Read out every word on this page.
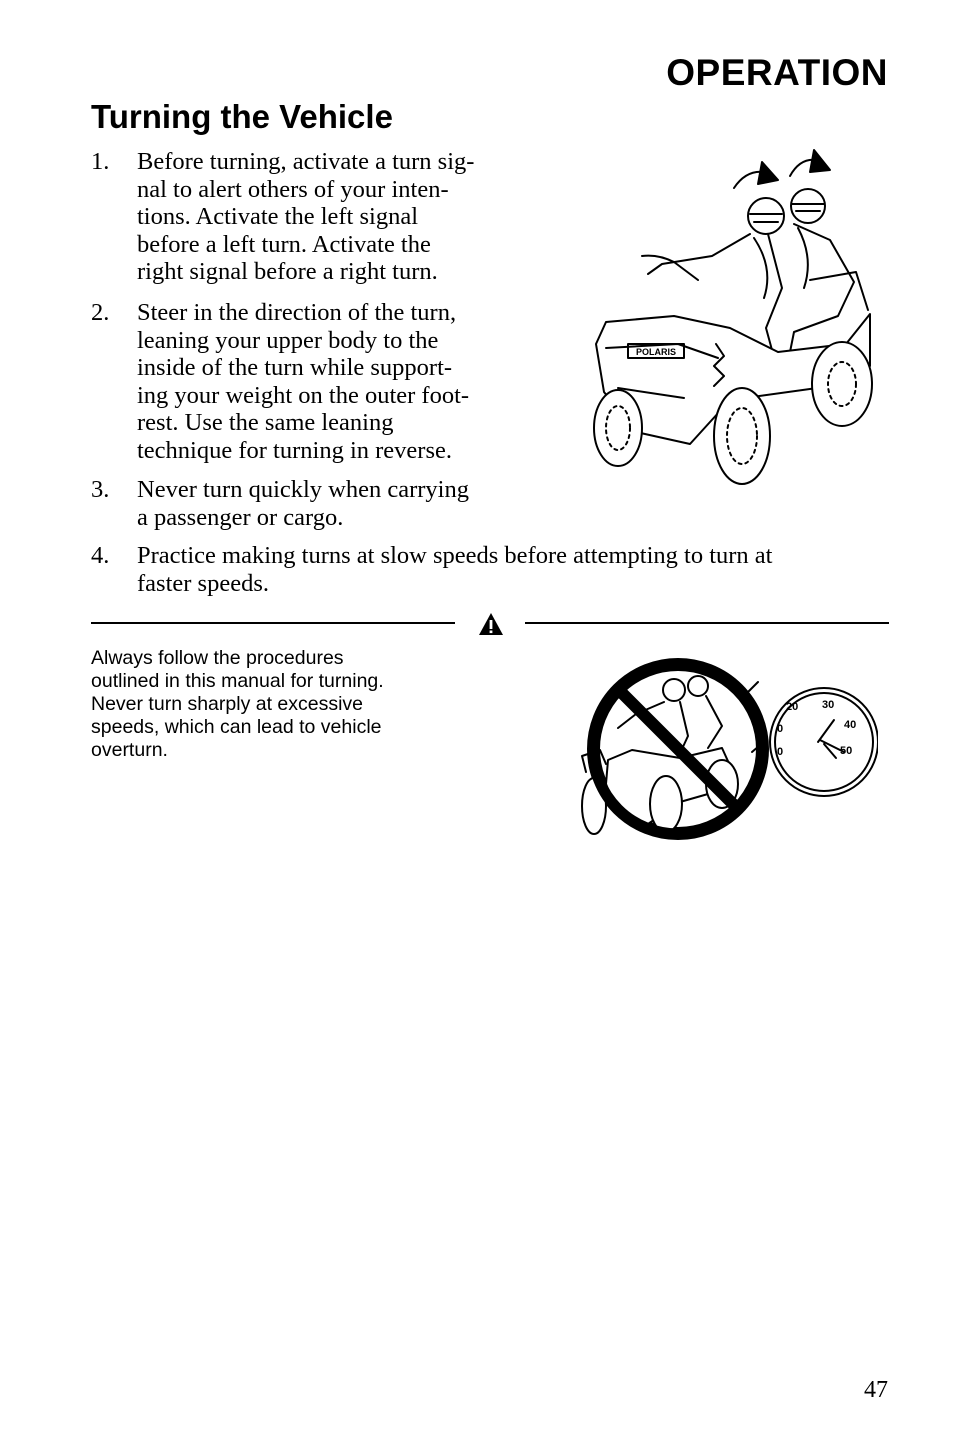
OPERATION
Turning the Vehicle
1. Before turning, activate a turn sig-
nal to alert others of your inten-
tions. Activate the left signal
before a left turn. Activate the
right signal before a right turn.
2. Steer in the direction of the turn,
leaning your upper body to the
inside of the turn while support-
ing your weight on the outer foot-
rest. Use the same leaning
technique for turning in reverse.
3. Never turn quickly when carrying
a passenger or cargo.
4. Practice making turns at slow speeds before attempting to turn at
faster speeds.
Always follow the procedures
outlined in this manual for turning.
Never turn sharply at excessive
speeds, which can lead to vehicle
overturn.
POLARIS
0
20 30
40
0	50
47
